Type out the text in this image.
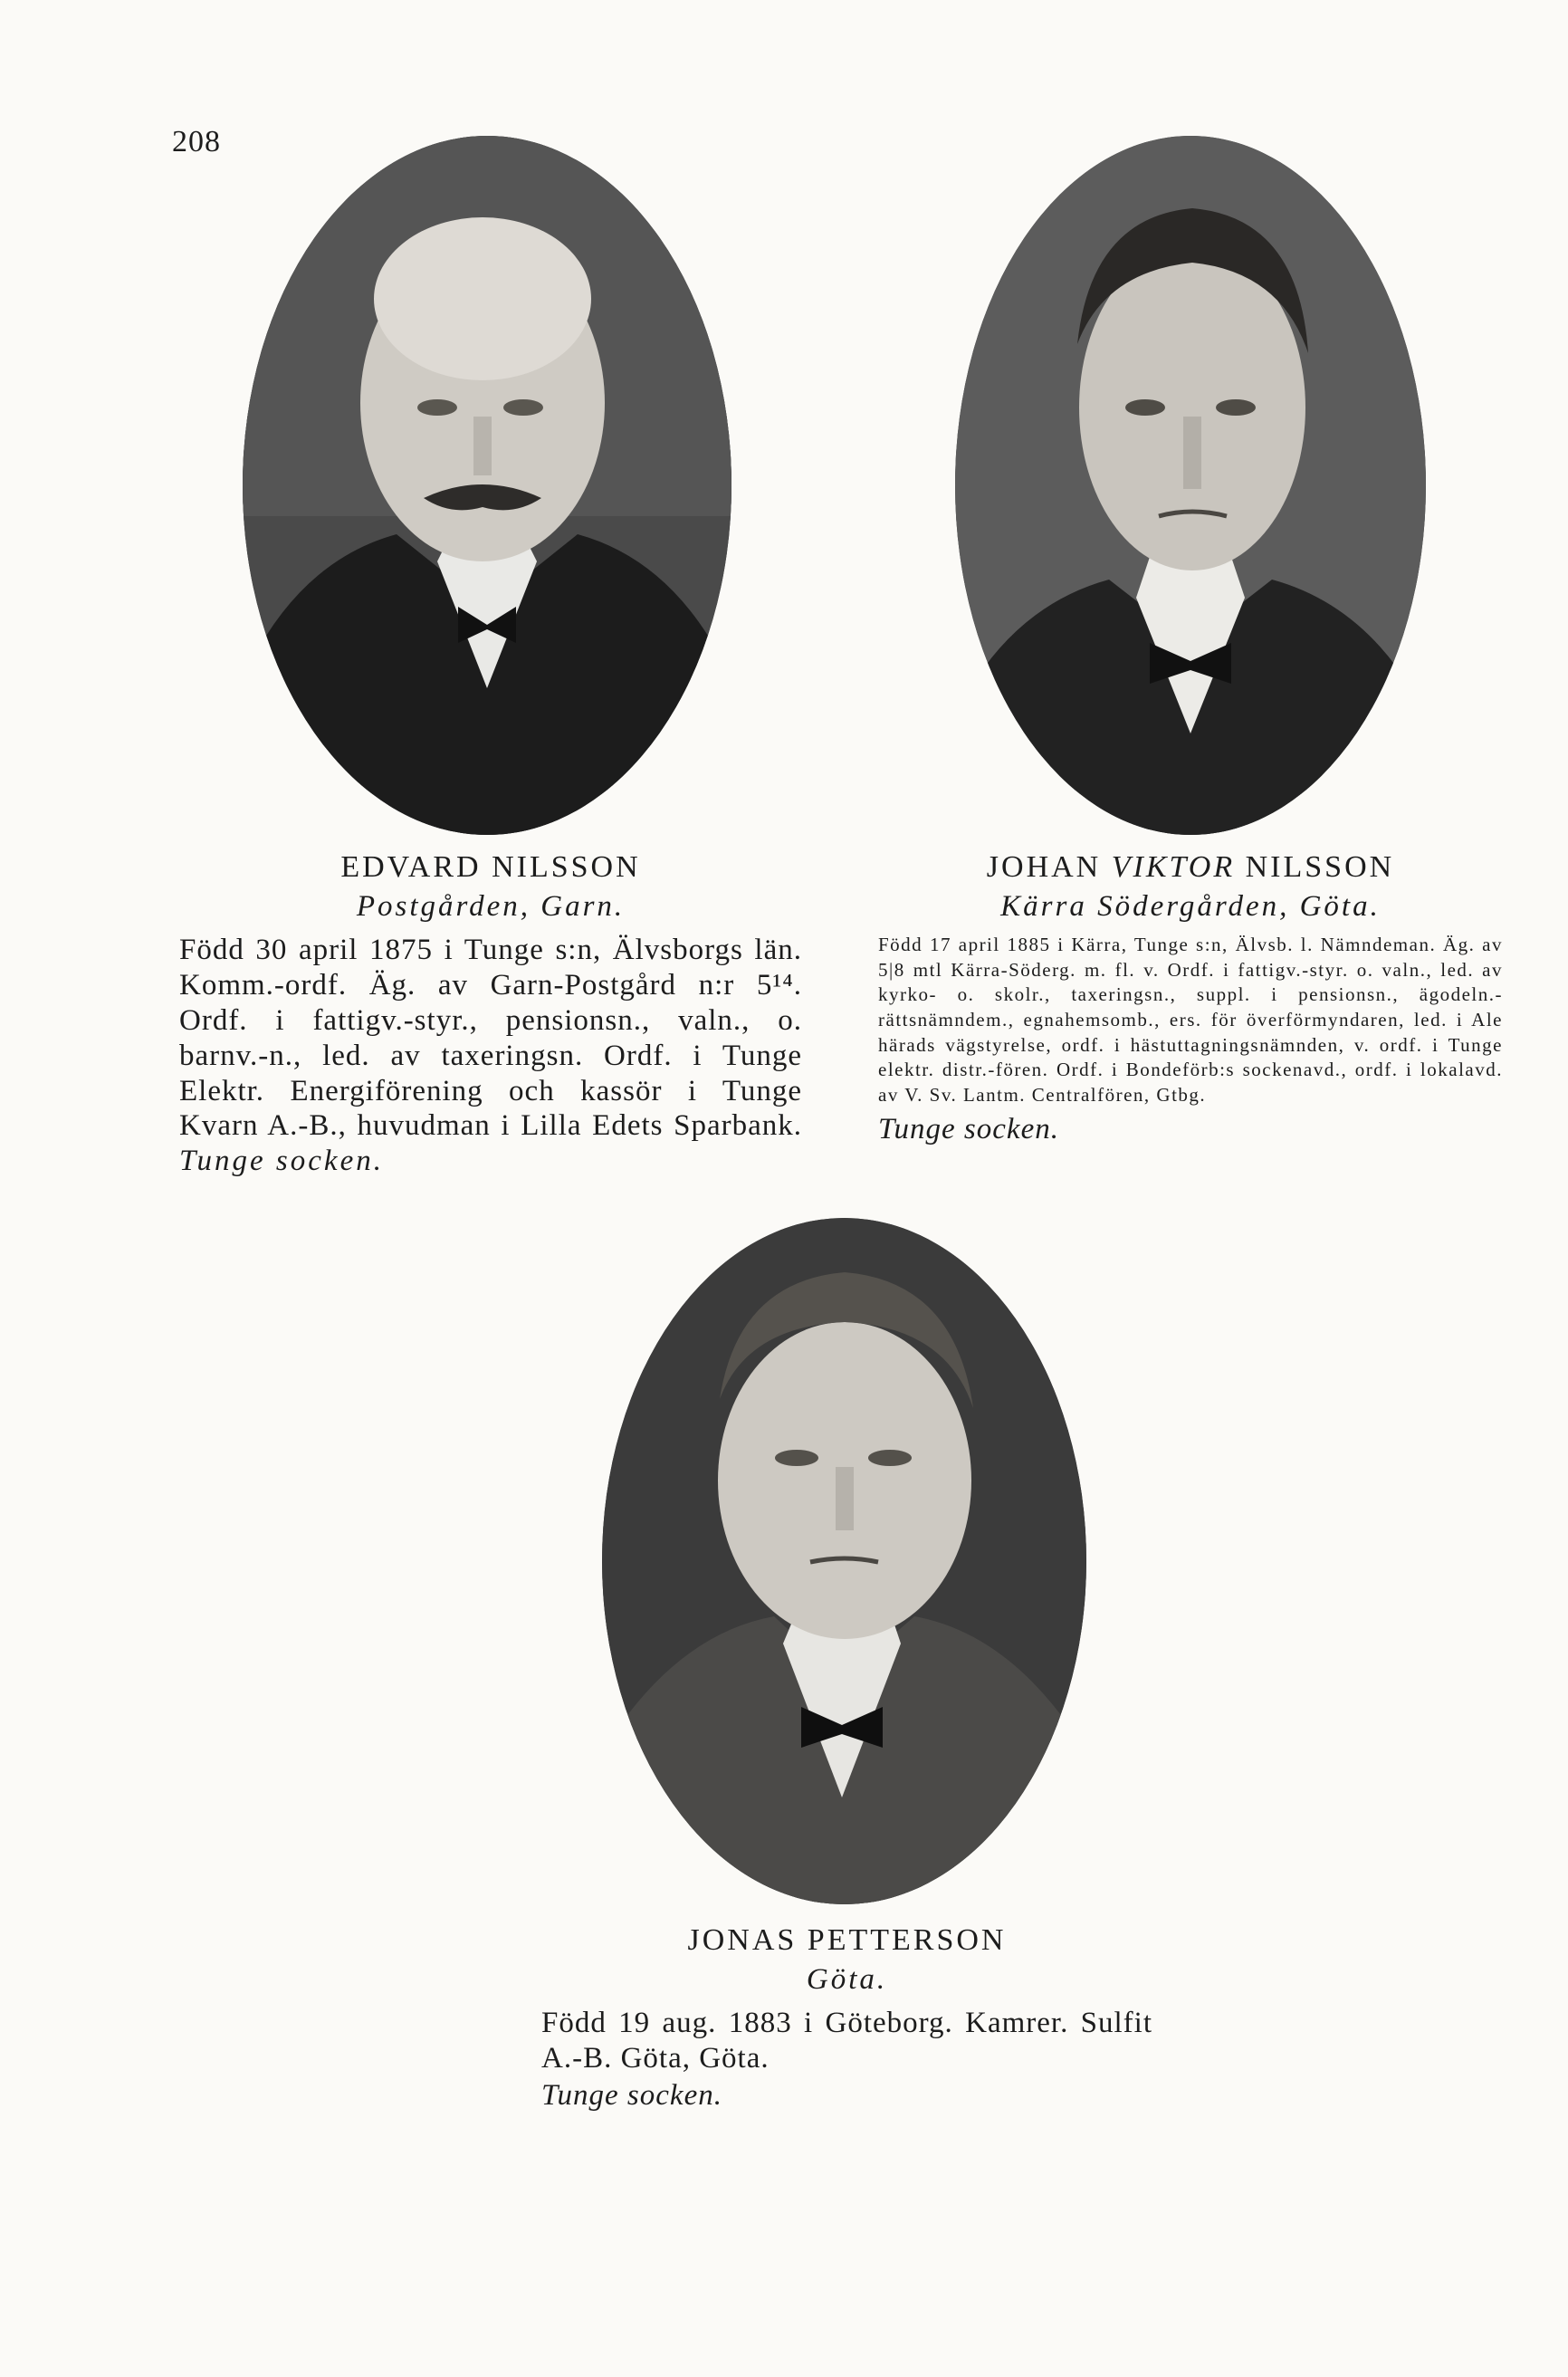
208

EDVARD NILSSON

Postgården, Garn.

Född 30 april 1875 i Tunge s:n, Älvsborgs län. Komm.-ordf. Äg. av Garn-Postgård n:r 5¹⁴. Ordf. i fattigv.-styr., pensionsn., valn., o. barnv.-n., led. av taxeringsn. Ordf. i Tunge Elektr. Energiförening och kassör i Tunge Kvarn A.-B., huvudman i Lilla Edets Sparbank. Tunge socken.

JOHAN VIKTOR NILSSON

Kärra Södergården, Göta.

Född 17 april 1885 i Kärra, Tunge s:n, Älvsb. l. Nämndeman. Äg. av 5|8 mtl Kärra-Söderg. m. fl. v. Ordf. i fattigv.-styr. o. valn., led. av kyrko- o. skolr., taxeringsn., suppl. i pensionsn., ägodeln.-rättsnämndem., egnahemsomb., ers. för överförmyndaren, led. i Ale härads vägstyrelse, ordf. i hästuttagningsnämnden, v. ordf. i Tunge elektr. distr.-fören. Ordf. i Bondeförb:s sockenavd., ordf. i lokalavd. av V. Sv. Lantm. Centralfören, Gtbg.

Tunge socken.

JONAS PETTERSON

Göta.

Född 19 aug. 1883 i Göteborg. Kamrer. Sulfit A.-B. Göta, Göta.

Tunge socken.
